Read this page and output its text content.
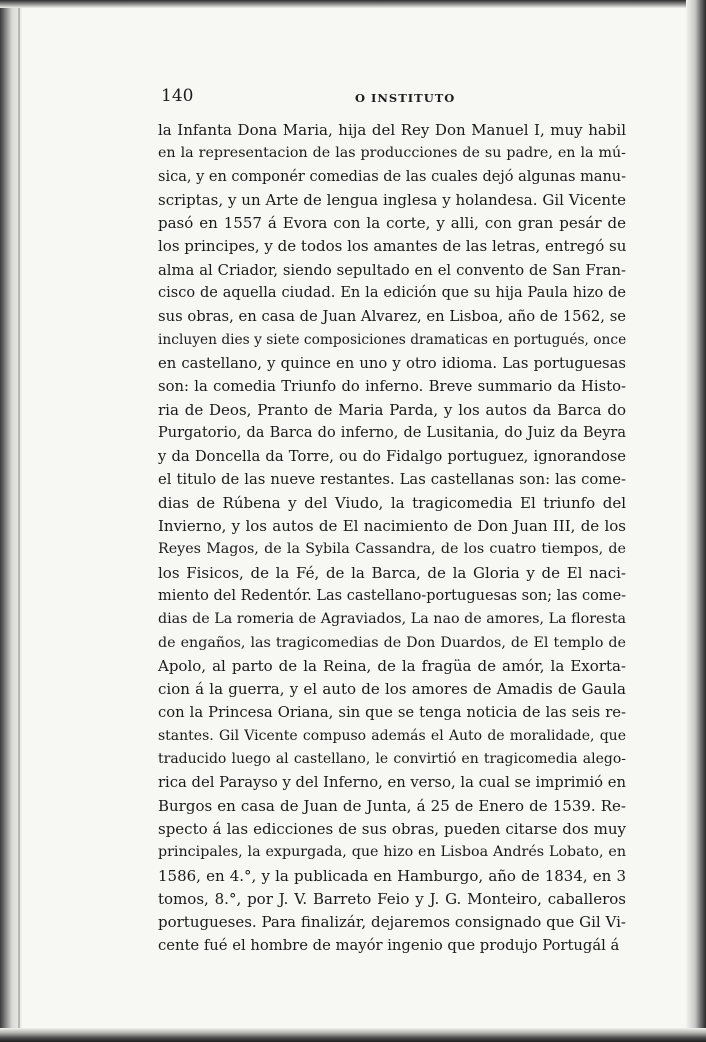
140	O INSTITUTO
la Infanta Dona Maria, hija del Rey Don Manuel I, muy habil
en la representacion de las producciones de su padre, en la mú-
sica, y en componér comedias de las cuales dejó algunas manu-
scriptas, y un Arte de lengua inglesa y holandesa. Gil Vicente
pasó en 1557 á Evora con la corte, y alli, con gran pesár de
los principes, y de todos los amantes de las letras, entregó su
alma al Criador, siendo sepultado en el convento de San Fran-
cisco de aquella ciudad. En la edición que su hija Paula hizo de
sus obras, en casa de Juan Alvarez, en Lisboa, año de 1562, se
incluyen dies y siete composiciones dramaticas en portugués, once
en castellano, y quince en uno y otro idioma. Las portuguesas
son: la comedia Triunfo do inferno. Breve summario da Histo-
ria de Deos, Pranto de Maria Parda, y los autos da Barca do
Purgatorio, da Barca do inferno, de Lusitania, do Juiz da Beyra
y da Doncella da Torre, ou do Fidalgo portuguez, ignorandose
el titulo de las nueve restantes. Las castellanas son: las come-
dias de Rúbena y del Viudo, la tragicomedia El triunfo del
Invierno, y los autos de El nacimiento de Don Juan III, de los
Reyes Magos, de la Sybila Cassandra, de los cuatro tiempos, de
los Fisicos, de la Fé, de la Barca, de la Gloria y de El naci-
miento del Redentór. Las castellano-portuguesas son; las come-
dias de La romeria de Agraviados, La nao de amores, La floresta
de engaños, las tragicomedias de Don Duardos, de El templo de
Apolo, al parto de la Reina, de la fragüa de amór, la Exorta-
cion á la guerra, y el auto de los amores de Amadis de Gaula
con la Princesa Oriana, sin que se tenga noticia de las seis re-
stantes. Gil Vicente compuso además el Auto de moralidade, que
traducido luego al castellano, le convirtió en tragicomedia alego-
rica del Parayso y del Inferno, en verso, la cual se imprimió en
Burgos en casa de Juan de Junta, á 25 de Enero de 1539. Re-
specto á las edicciones de sus obras, pueden citarse dos muy
principales, la expurgada, que hizo en Lisboa Andrés Lobato, en
1586, en 4.°, y la publicada en Hamburgo, año de 1834, en 3
tomos, 8.°, por J. V. Barreto Feio y J. G. Monteiro, caballeros
portugueses. Para finalizár, dejaremos consignado que Gil Vi-
cente fué el hombre de mayór ingenio que produjo Portugál á
